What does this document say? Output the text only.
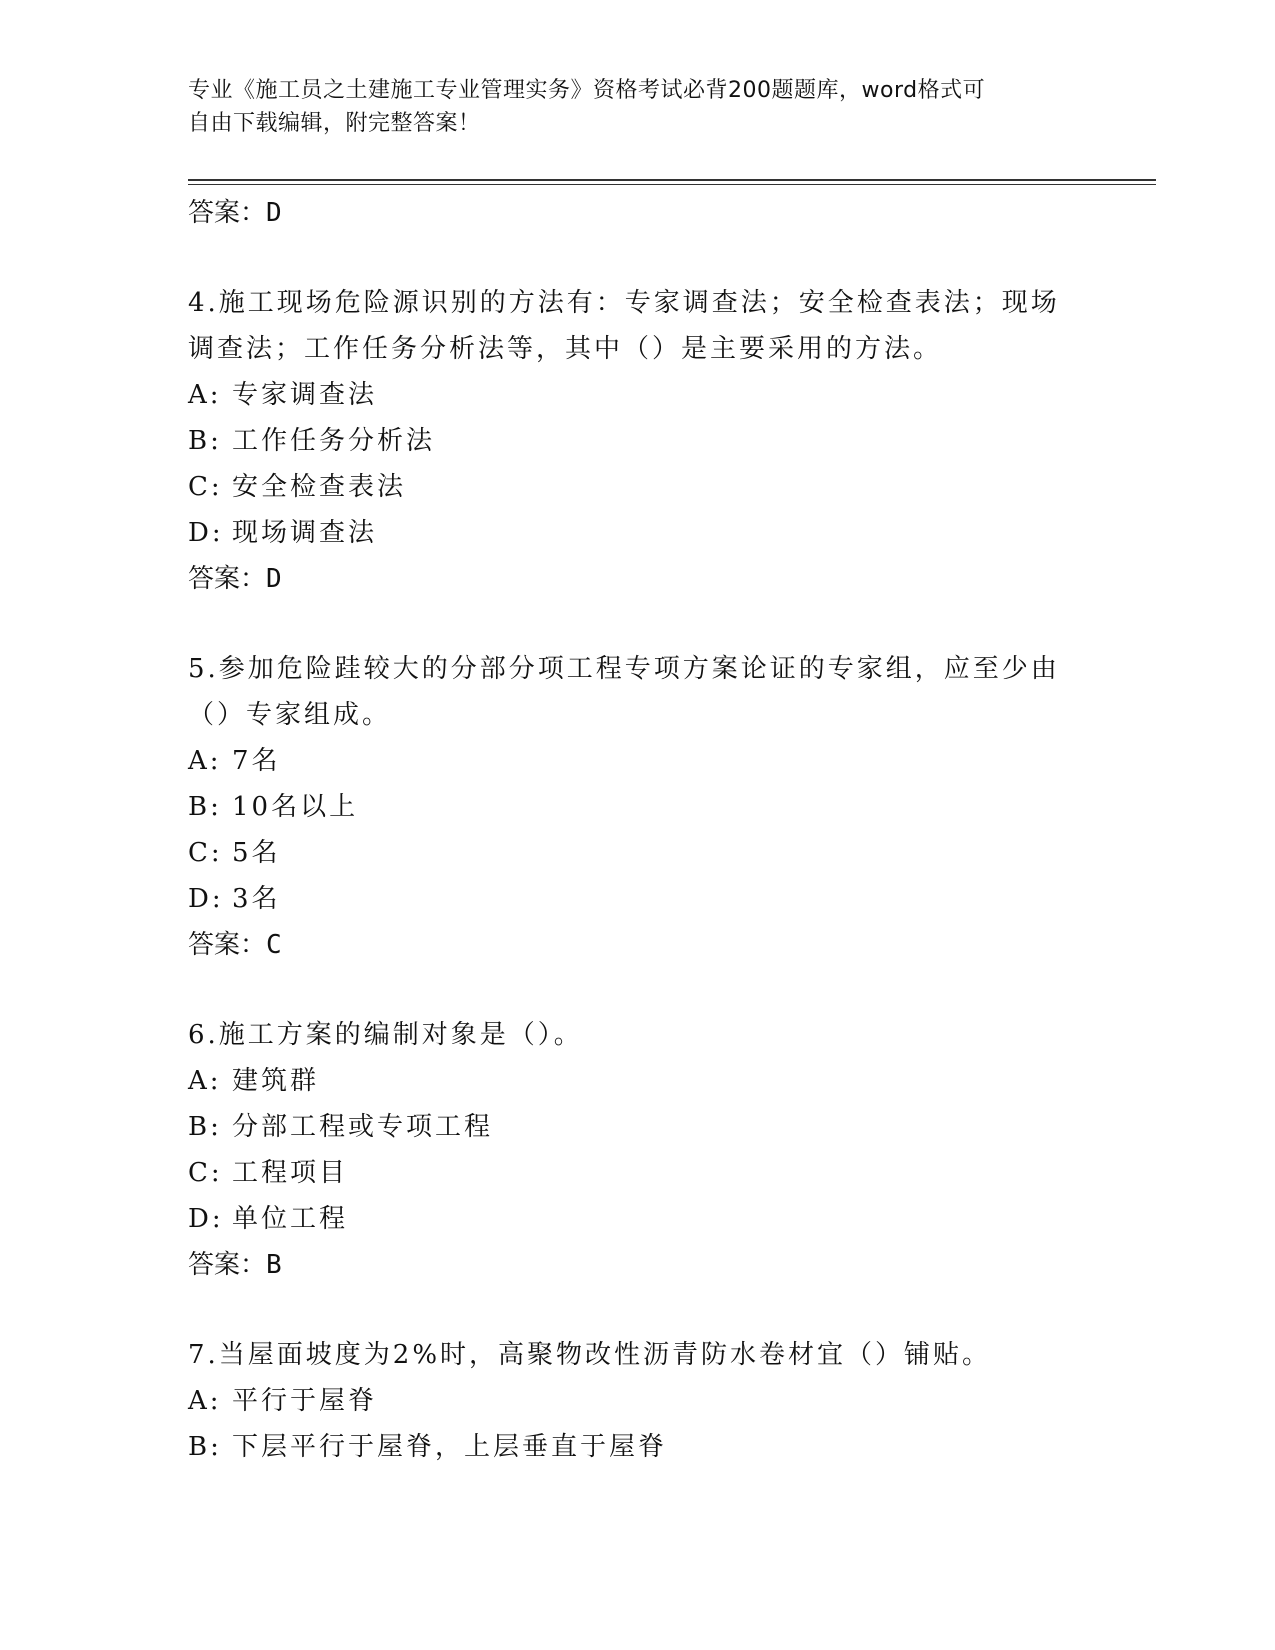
专业《施工员之土建施工专业管理实务》资格考试必背200题题库，word格式可
自由下载编辑，附完整答案！
答案：D
4.施工现场危险源识别的方法有：专家调查法；安全检查表法；现场
调查法；工作任务分析法等，其中（）是主要采用的方法。
A: 专家调查法
B: 工作任务分析法
C: 安全检查表法
D: 现场调查法
答案：D
5.参加危险跬较大的分部分项工程专项方案论证的专家组，应至少由
（）专家组成。
A: 7名
B: 10名以上
C: 5名
D: 3名
答案：C
6.施工方案的编制对象是（）。
A: 建筑群
B: 分部工程或专项工程
C: 工程项目
D: 单位工程
答案：B
7.当屋面坡度为2%时，高聚物改性沥青防水卷材宜（）铺贴。
A: 平行于屋脊
B: 下层平行于屋脊，上层垂直于屋脊
